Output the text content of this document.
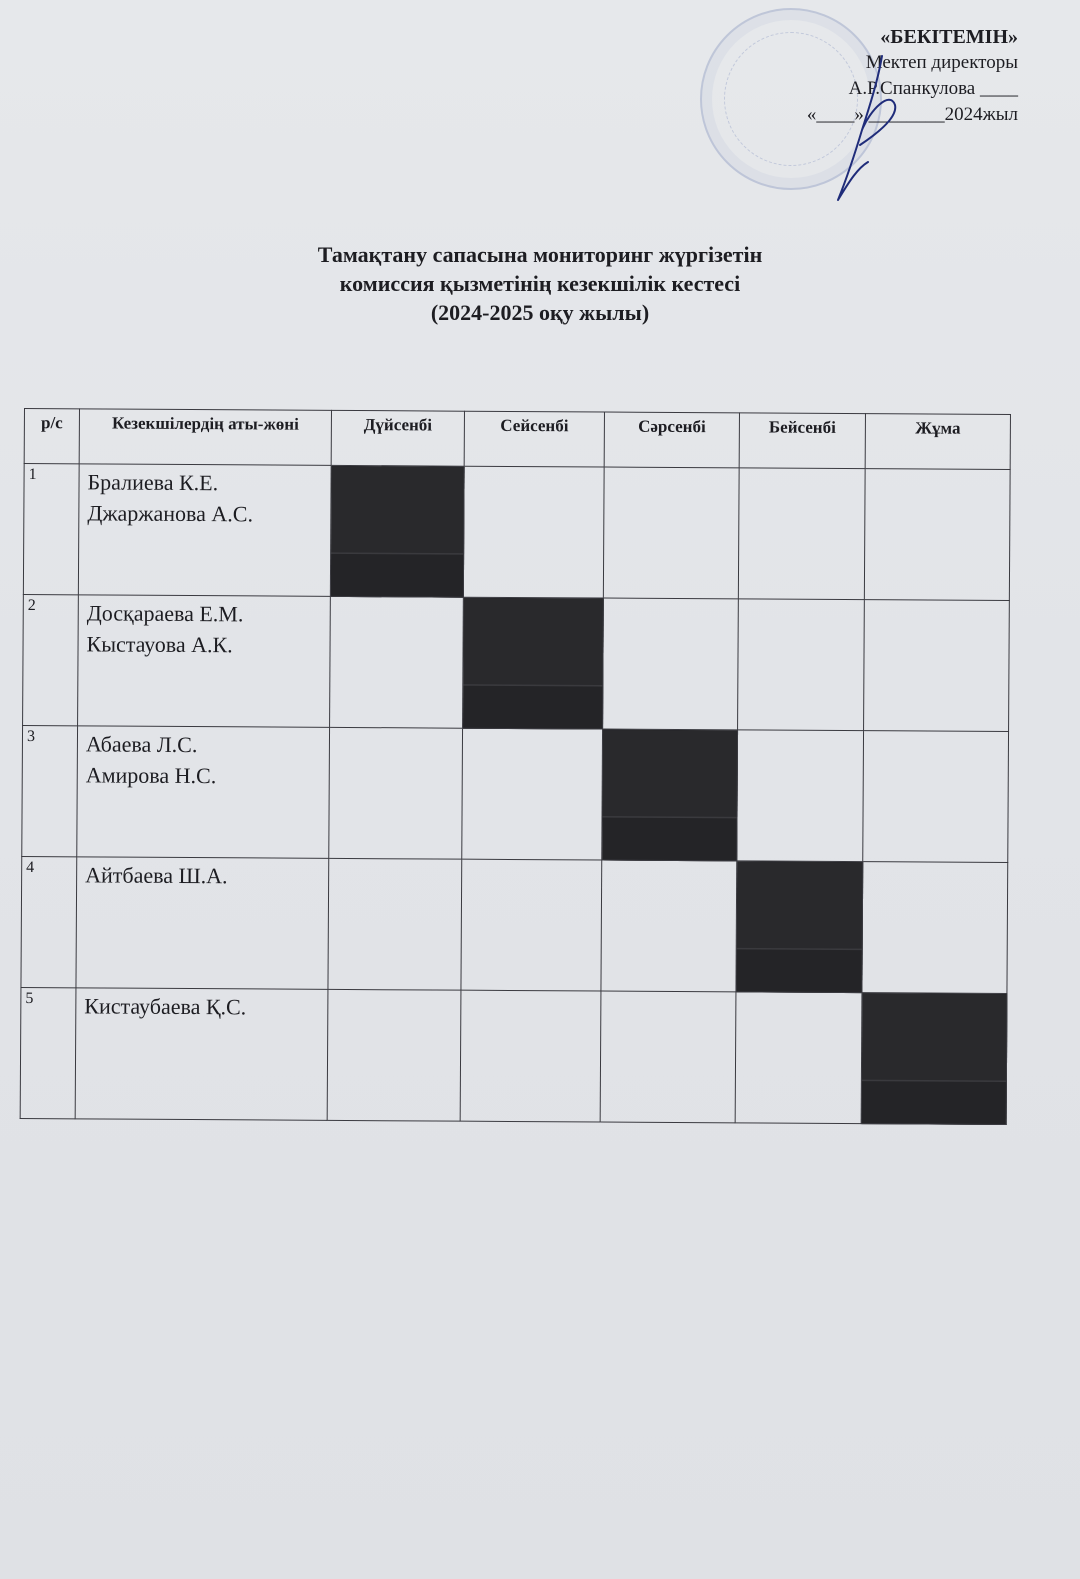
«БЕКІТЕМІН»
Мектеп директоры
А.Р.Спанкулова ____
«____» ________2024жыл
Тамақтану сапасына мониторинг жүргізетін
комиссия қызметінің кезекшілік кестесі
(2024-2025 оқу жылы)
р/с	Кезекшілердің аты-жөні	Дүйсенбі	Сейсенбі	Сәрсенбі	Бейсенбі	Жұма
1	Бралиева К.Е.
Джаржанова А.С.					

2	Досқараева Е.М.
Кыстауова А.К.					

3	Абаева Л.С.
Амирова Н.С.					

4	Айтбаева Ш.А.					

5	Кистаубаева Қ.С.					
